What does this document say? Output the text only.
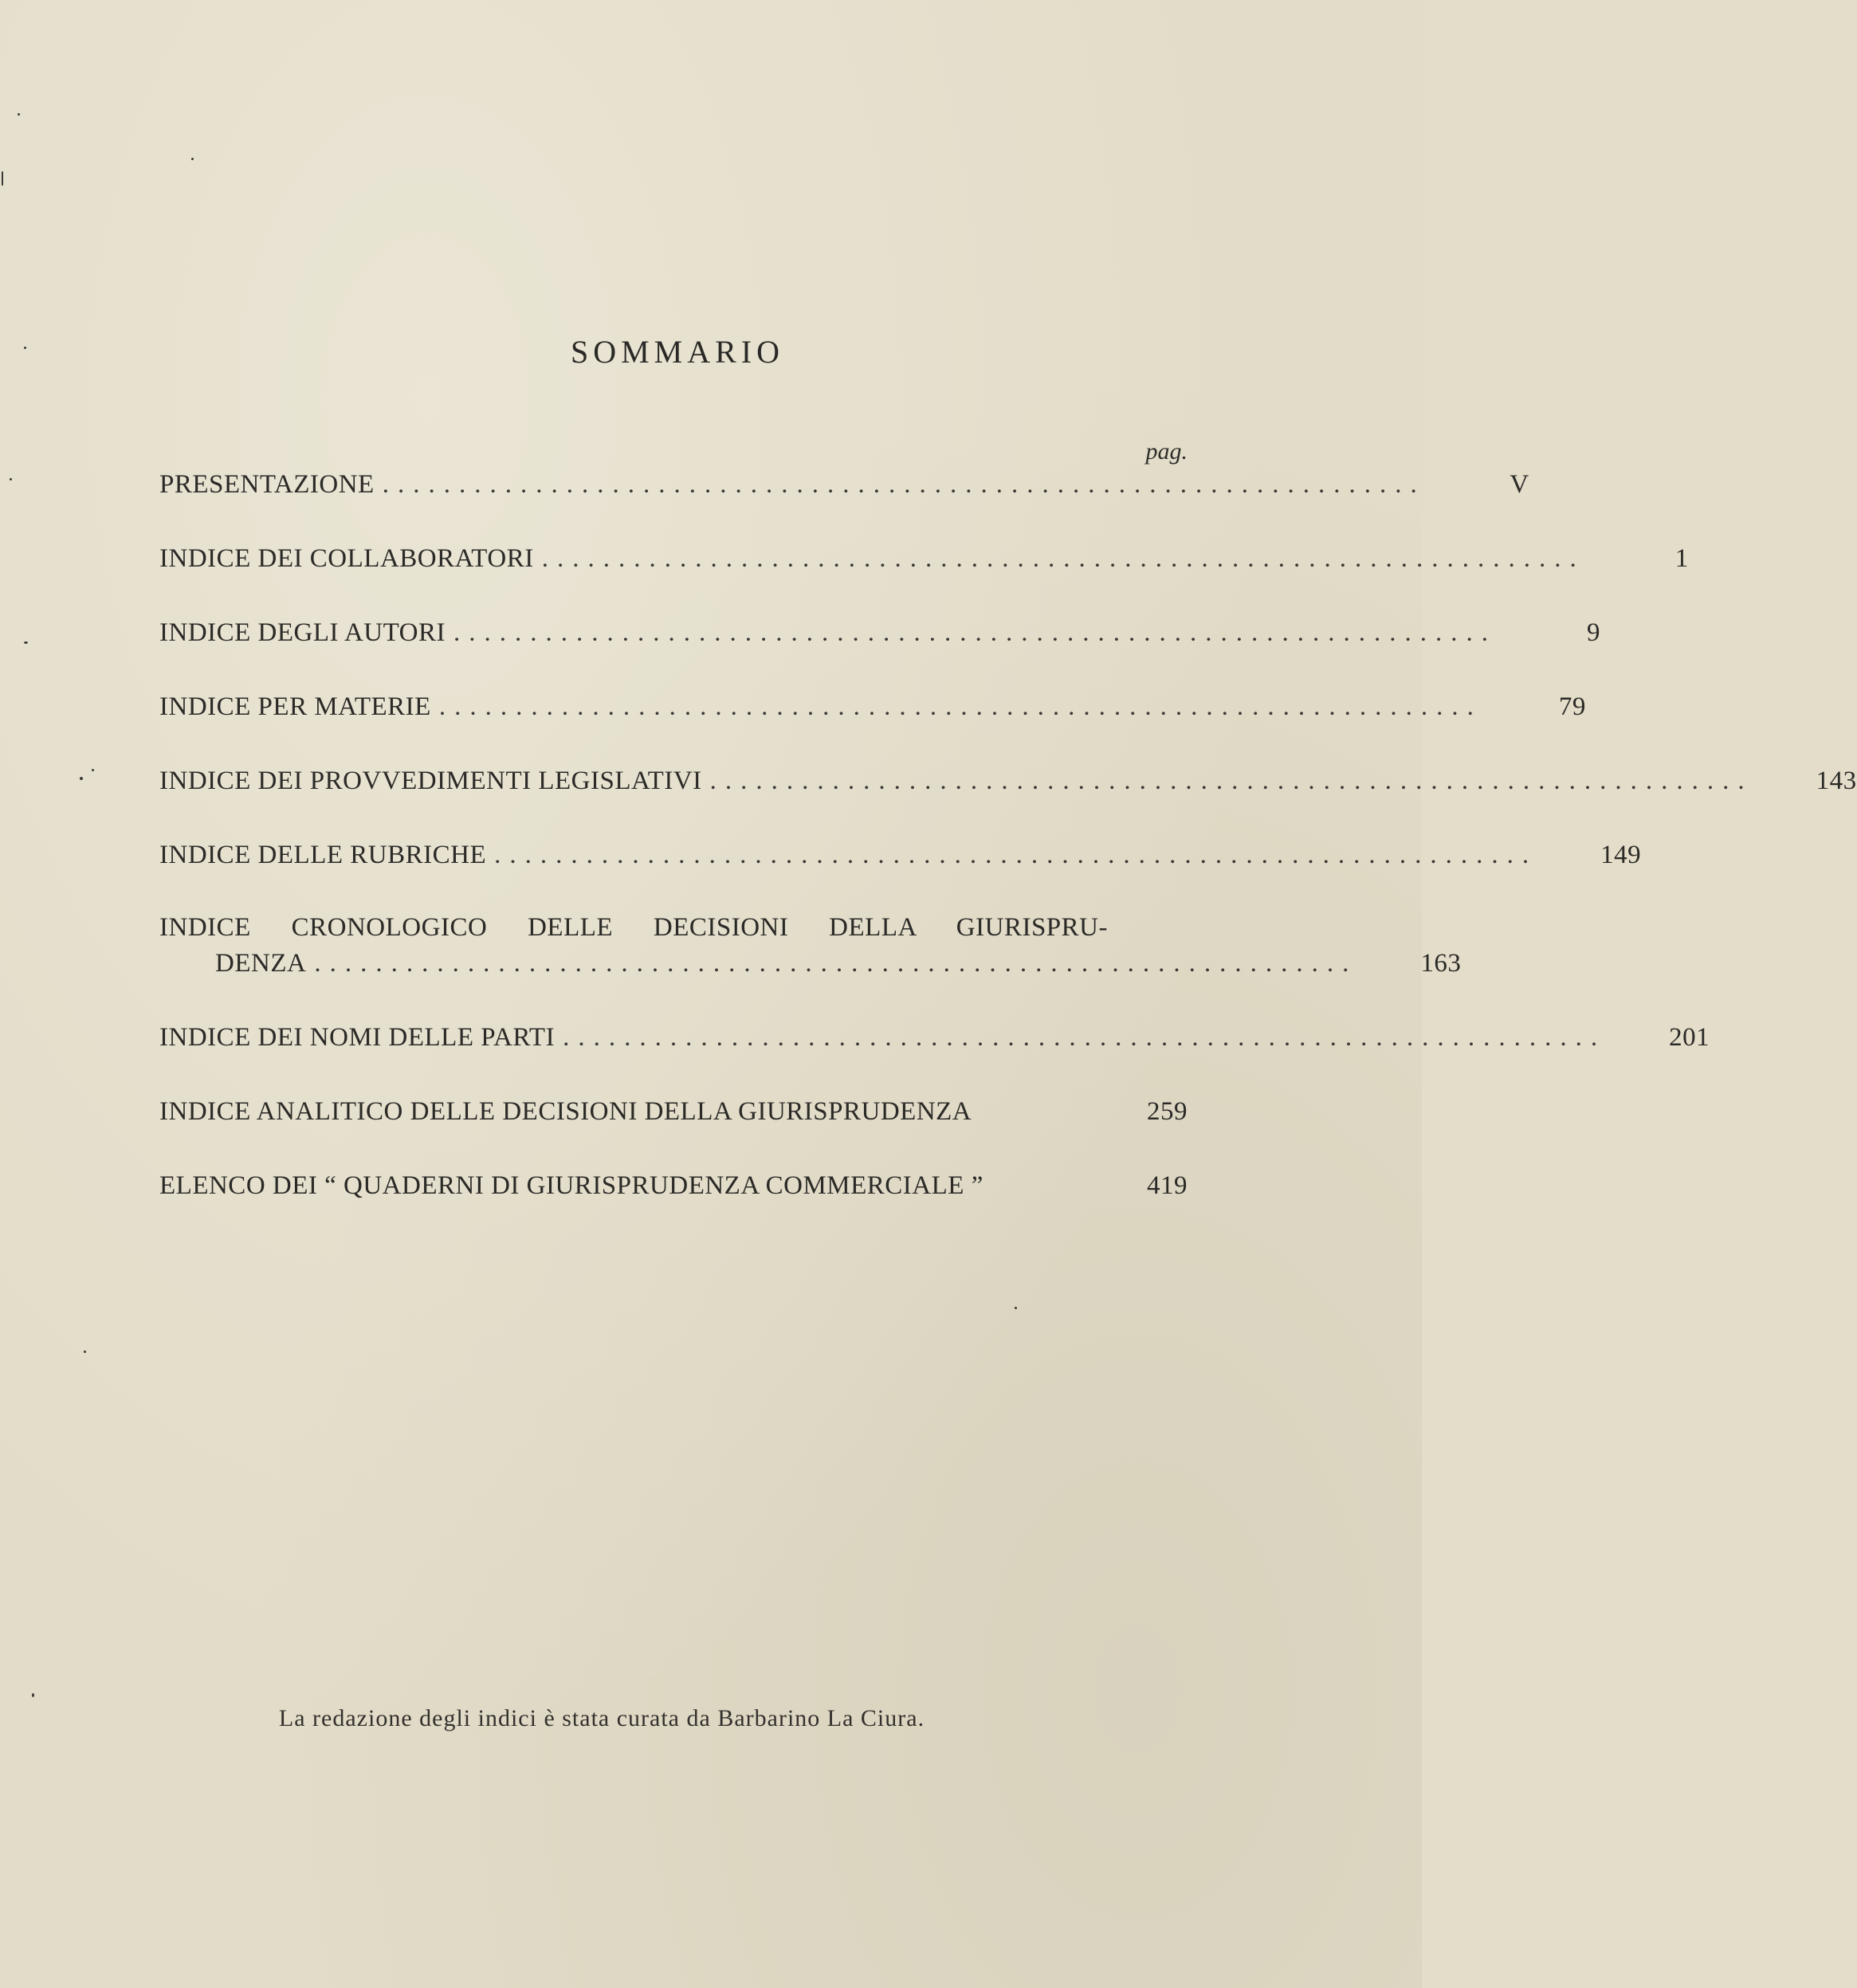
SOMMARIO
pag.
PRESENTAZIONE ....................................................................	V
INDICE DEI COLLABORATORI ....................................................................	1
INDICE DEGLI AUTORI ....................................................................	9
INDICE PER MATERIE ....................................................................	79
INDICE DEI PROVVEDIMENTI LEGISLATIVI ....................................................................	143
INDICE DELLE RUBRICHE ....................................................................	149
INDICE CRONOLOGICO DELLE DECISIONI DELLA GIURISPRU-
DENZA ....................................................................	163
INDICE DEI NOMI DELLE PARTI ....................................................................	201
INDICE ANALITICO DELLE DECISIONI DELLA GIURISPRUDENZA	259
ELENCO DEI “ QUADERNI DI GIURISPRUDENZA COMMERCIALE ”	419
La redazione degli indici è stata curata da Barbarino La Ciura.
